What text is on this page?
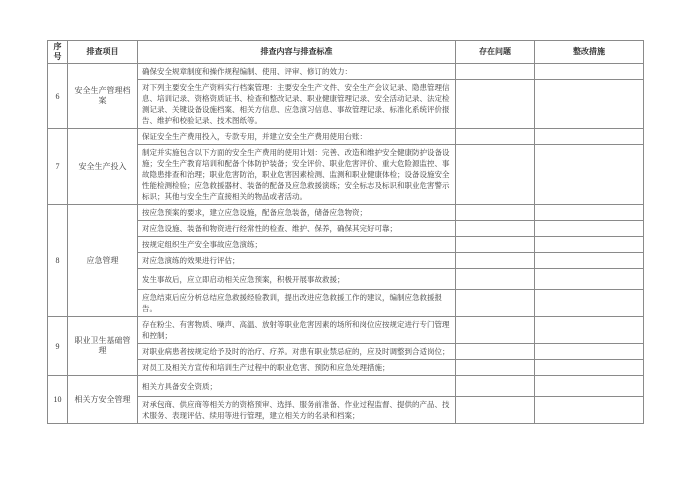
序号	排查项目	排查内容与排查标准	存在问题	整改措施
6	安全生产管理档案	确保安全规章制度和操作规程编制、使用、评审、修订的效力：		
		对下列主要安全生产资料实行档案管理：主要安全生产文件、安全生产会议记录、隐患管理信息、培训记录、资格资质证书、检查和整改记录、职业健康管理记录、安全活动记录、法定检测记录、关键设备设施档案、相关方信息、应急演习信息、事故管理记录、标准化系统评价报告、维护和校验记录、技术图纸等。		
7	安全生产投入	保证安全生产费用投入，专款专用，并建立安全生产费用使用台账：		
		制定并实施包含以下方面的安全生产费用的使用计划：完善、改造和维护安全健康防护设备设施；安全生产教育培训和配备个体防护装备；安全评价、职业危害评价、重大危险源监控、事故隐患排查和治理；职业危害防治，职业危害因素检测、监测和职业健康体检；设备设施安全性能检测检验；应急救援器材、装备的配备及应急救援演练；安全标志及标识和职业危害警示标识；其他与安全生产直接相关的物品或者活动。		
8	应急管理	按应急预案的要求，建立应急设施，配备应急装备，储备应急物资；		
		对应急设施、装备和物资进行经常性的检查、维护、保养，确保其完好可靠；		
		按规定组织生产安全事故应急演练；		
		对应急演练的效果进行评估；		
		发生事故后，应立即启动相关应急预案，积极开展事故救援；		
		应急结束后应分析总结应急救援经验教训，提出改进应急救援工作的建议，编制应急救援报告。		
9	职业卫生基础管理	存在粉尘、有害物质、噪声、高温、放射等职业危害因素的场所和岗位应按规定进行专门管理和控制；		
		对职业病患者按规定给予及时的治疗、疗养。对患有职业禁忌症的，应及时调整到合适岗位；		
		对员工及相关方宣传和培训生产过程中的职业危害、预防和应急处理措施；		
10	相关方安全管理	相关方具备安全资质；		
		对承包商、供应商等相关方的资格预审、选择、服务前准备、作业过程监督、提供的产品、技术服务、表现评估、续用等进行管理，建立相关方的名录和档案；		
